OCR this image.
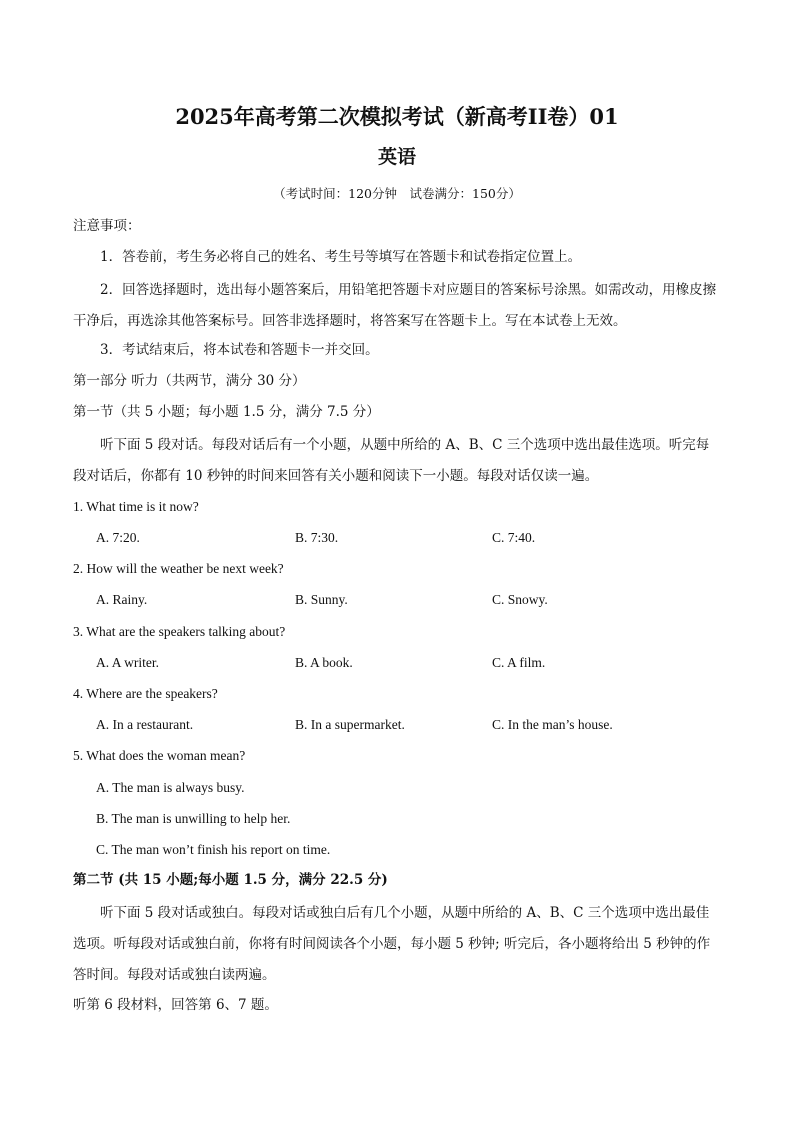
2025年高考第二次模拟考试（新高考II卷）01
英语
（考试时间：120分钟　试卷满分：150分）
注意事项：
1．答卷前，考生务必将自己的姓名、考生号等填写在答题卡和试卷指定位置上。
2．回答选择题时，选出每小题答案后，用铅笔把答题卡对应题目的答案标号涂黑。如需改动，用橡皮擦干净后，再选涂其他答案标号。回答非选择题时，将答案写在答题卡上。写在本试卷上无效。
3．考试结束后，将本试卷和答题卡一并交回。
第一部分 听力（共两节，满分 30 分）
第一节（共 5 小题；每小题 1.5 分，满分 7.5 分）
听下面 5 段对话。每段对话后有一个小题，从题中所给的 A、B、C 三个选项中选出最佳选项。听完每段对话后，你都有 10 秒钟的时间来回答有关小题和阅读下一小题。每段对话仅读一遍。
1. What time is it now?
A. 7:20.	B. 7:30.	C. 7:40.
2. How will the weather be next week?
A. Rainy.	B. Sunny.	C. Snowy.
3. What are the speakers talking about?
A. A writer.	B. A book.	C. A film.
4. Where are the speakers?
A. In a restaurant.	B. In a supermarket.	C. In the man’s house.
5. What does the woman mean?
A. The man is always busy.
B. The man is unwilling to help her.
C. The man won’t finish his report on time.
第二节 (共 15 小题;每小题 1.5 分，满分 22.5 分)
听下面 5 段对话或独白。每段对话或独白后有几个小题，从题中所给的 A、B、C 三个选项中选出最佳选项。听每段对话或独白前，你将有时间阅读各个小题，每小题 5 秒钟; 听完后，各小题将给出 5 秒钟的作答时间。每段对话或独白读两遍。
听第 6 段材料，回答第 6、7 题。
